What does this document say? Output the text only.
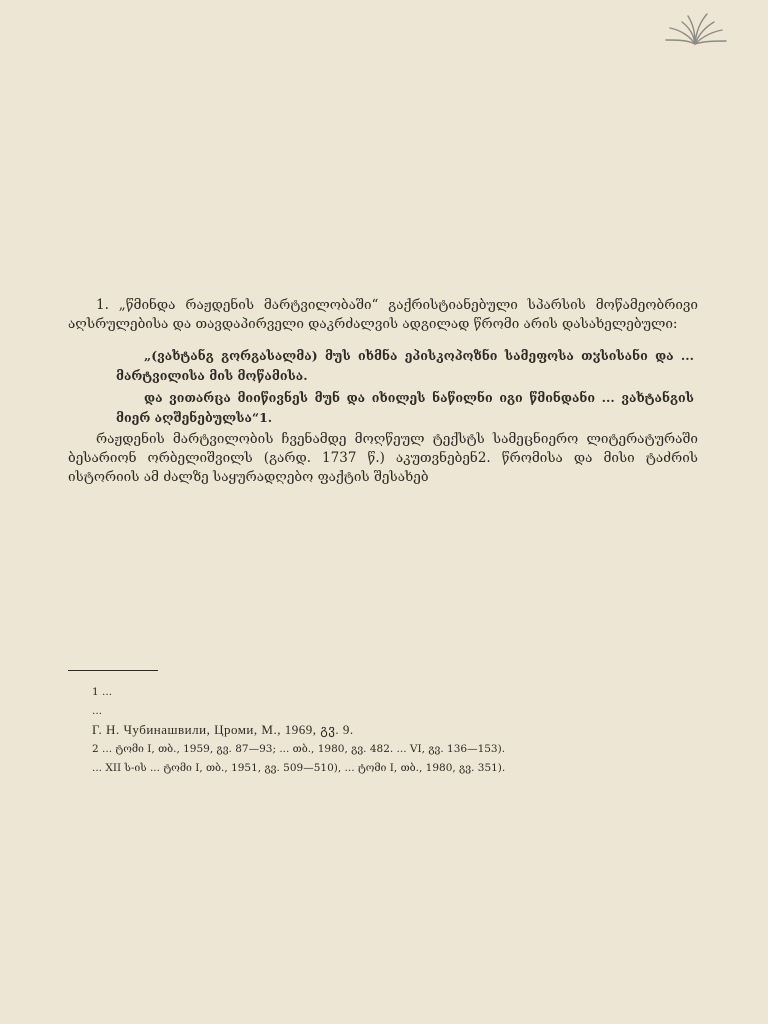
1. „წმინდა რაჟდენის მარტვილობაში“ გაქრისტიანებული სპარსის მოწამეობრივი აღსრულებისა და თავდაპირველი დაკრძალვის ადგილად წრომი არის დასახელებული:

„(ვახტანგ გორგასალმა) მუს იხმნა ეპისკოპოზნი სამეფოსა თჳსისანი და ... მარტვილისა მის მოწამისა.

და ვითარცა მიიწივნეს მუნ და იხილეს ნაწილნი იგი წმინდანი ... ვახტანგის მიერ აღშენებულსა“1.

რაჟდენის მარტვილობის ჩვენამდე მოღწეულ ტექსტს სამეცნიერო ლიტერატურაში ბესარიონ ორბელიშვილს (გარდ. 1737 წ.) აკუთვნებენ2. წრომისა და მისი ტაძრის ისტორიის ამ ძალზე საყურადღებო ფაქტის შესახებ

1 ...

...

Г. Н. Чубинашвили, Цроми, М., 1969, გვ. 9.

2 ... ტომი I, თბ., 1959, გვ. 87—93; ... თბ., 1980, გვ. 482. ... VI, გვ. 136—153).

... XII ს-ის ... ტომი I, თბ., 1951, გვ. 509—510), ... ტომი I, თბ., 1980, გვ. 351).
